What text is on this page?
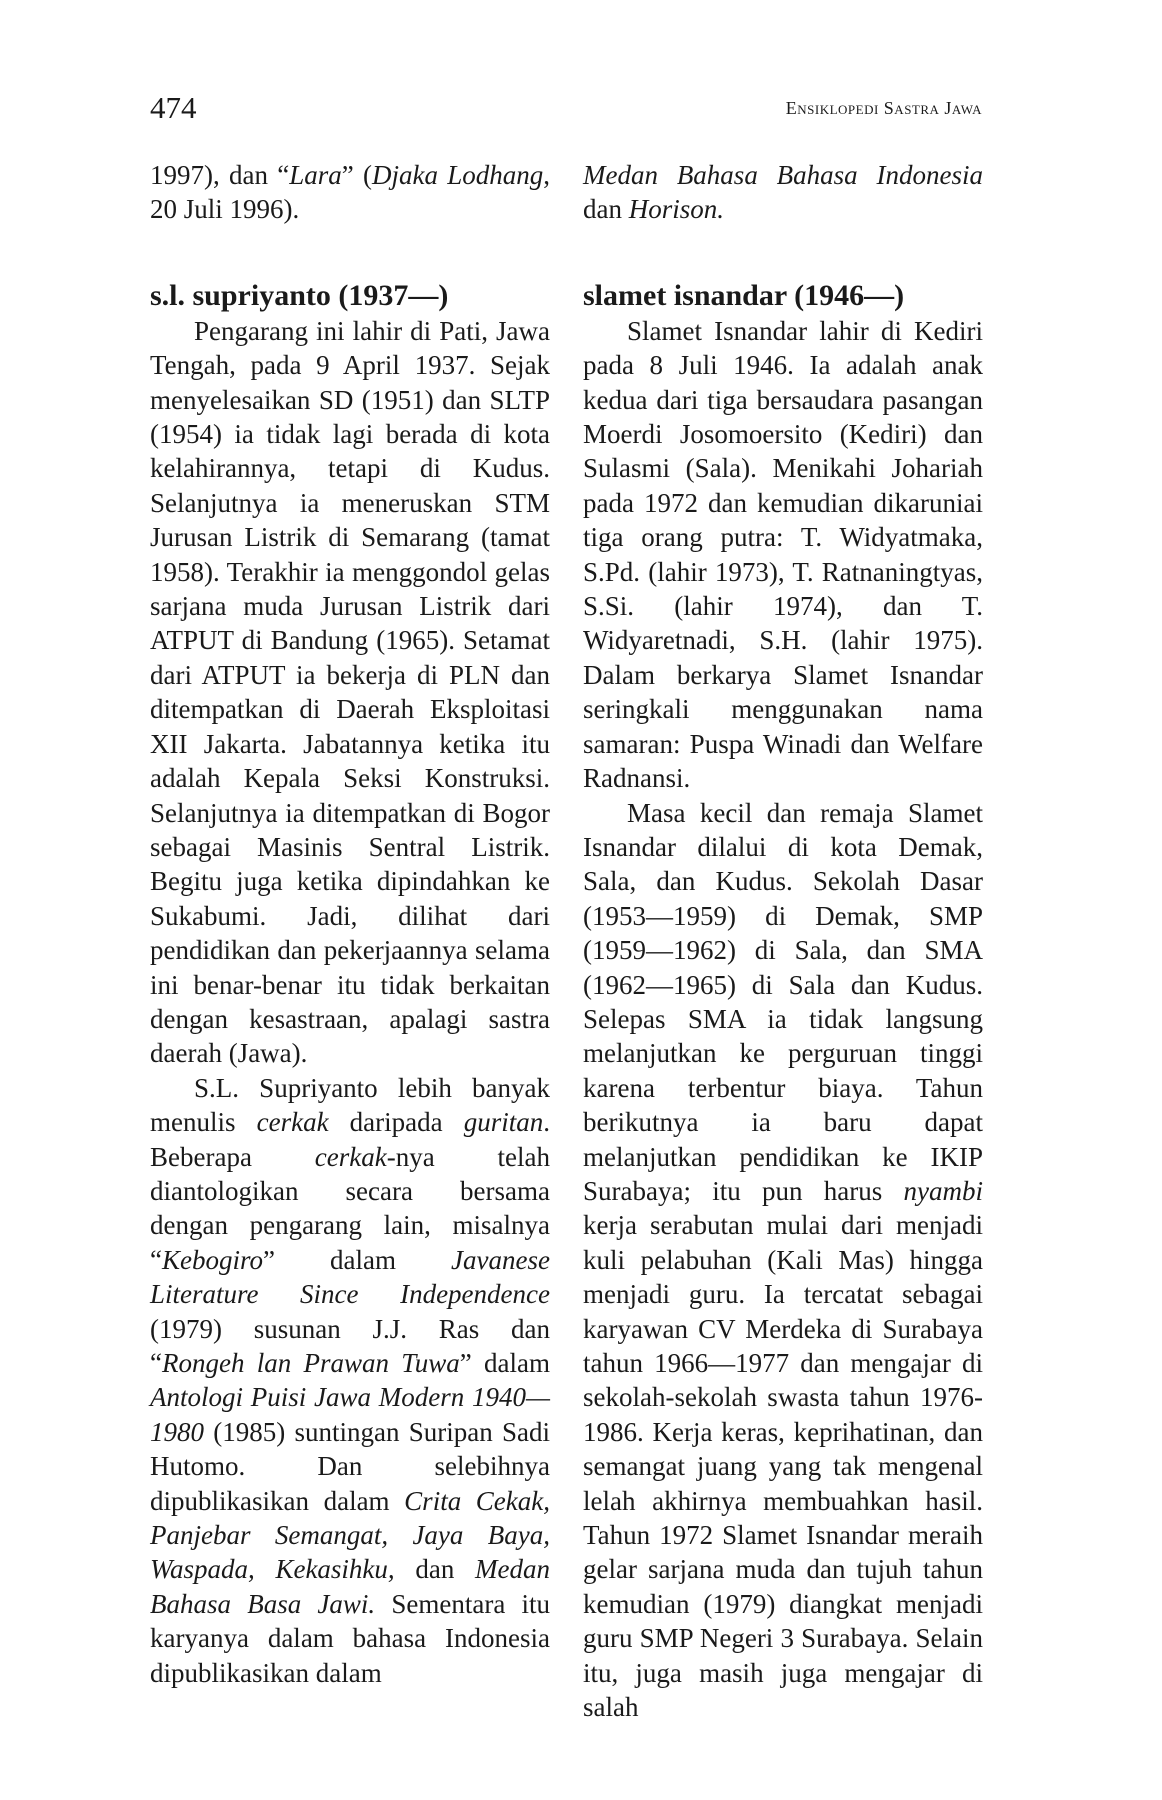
474	Ensiklopedi Sastra Jawa

1997), dan “Lara” (Djaka Lodhang, 20 Juli 1996).

s.l. supriyanto (1937—)

Pengarang ini lahir di Pati, Jawa Tengah, pada 9 April 1937. Sejak menyelesaikan SD (1951) dan SLTP (1954) ia tidak lagi berada di kota kelahirannya, tetapi di Kudus. Selanjutnya ia meneruskan STM Jurusan Listrik di Semarang (tamat 1958). Terakhir ia menggondol gelas sarjana muda Jurusan Listrik dari ATPUT di Bandung (1965). Setamat dari ATPUT ia bekerja di PLN dan ditempatkan di Daerah Eksploitasi XII Jakarta. Jabatannya ketika itu adalah Kepala Seksi Konstruksi. Selanjutnya ia ditempatkan di Bogor sebagai Masinis Sentral Listrik. Begitu juga ketika dipindahkan ke Sukabumi. Jadi, dilihat dari pendidikan dan pekerjaannya selama ini benar-benar itu tidak berkaitan dengan kesastraan, apalagi sastra daerah (Jawa).

S.L. Supriyanto lebih banyak menulis cerkak daripada guritan. Beberapa cerkak-nya telah diantologikan secara bersama dengan pengarang lain, misalnya “Kebogiro” dalam Javanese Literature Since Independence (1979) susunan J.J. Ras dan “Rongeh lan Prawan Tuwa” dalam Antologi Puisi Jawa Modern 1940—1980 (1985) suntingan Suripan Sadi Hutomo. Dan selebihnya dipublikasikan dalam Crita Cekak, Panjebar Semangat, Jaya Baya, Waspada, Kekasihku, dan Medan Bahasa Basa Jawi. Sementara itu karyanya dalam bahasa Indonesia dipublikasikan dalam

Medan Bahasa Bahasa Indonesia dan Horison.

slamet isnandar (1946—)

Slamet Isnandar lahir di Kediri pada 8 Juli 1946. Ia adalah anak kedua dari tiga bersaudara pasangan Moerdi Josomoersito (Kediri) dan Sulasmi (Sala). Menikahi Johariah pada 1972 dan kemudian dikaruniai tiga orang putra: T. Widyatmaka, S.Pd. (lahir 1973), T. Ratnaningtyas, S.Si. (lahir 1974), dan T. Widyaretnadi, S.H. (lahir 1975). Dalam berkarya Slamet Isnandar seringkali menggunakan nama samaran: Puspa Winadi dan Welfare Radnansi.

Masa kecil dan remaja Slamet Isnandar dilalui di kota Demak, Sala, dan Kudus. Sekolah Dasar (1953—1959) di Demak, SMP (1959—1962) di Sala, dan SMA (1962—1965) di Sala dan Kudus. Selepas SMA ia tidak langsung melanjutkan ke perguruan tinggi karena terbentur biaya. Tahun berikutnya ia baru dapat melanjutkan pendidikan ke IKIP Surabaya; itu pun harus nyambi kerja serabutan mulai dari menjadi kuli pelabuhan (Kali Mas) hingga menjadi guru. Ia tercatat sebagai karyawan CV Merdeka di Surabaya tahun 1966—1977 dan mengajar di sekolah-sekolah swasta tahun 1976-1986. Kerja keras, keprihatinan, dan semangat juang yang tak mengenal lelah akhirnya membuahkan hasil. Tahun 1972 Slamet Isnandar meraih gelar sarjana muda dan tujuh tahun kemudian (1979) diangkat menjadi guru SMP Negeri 3 Surabaya. Selain itu, juga masih juga mengajar di salah
